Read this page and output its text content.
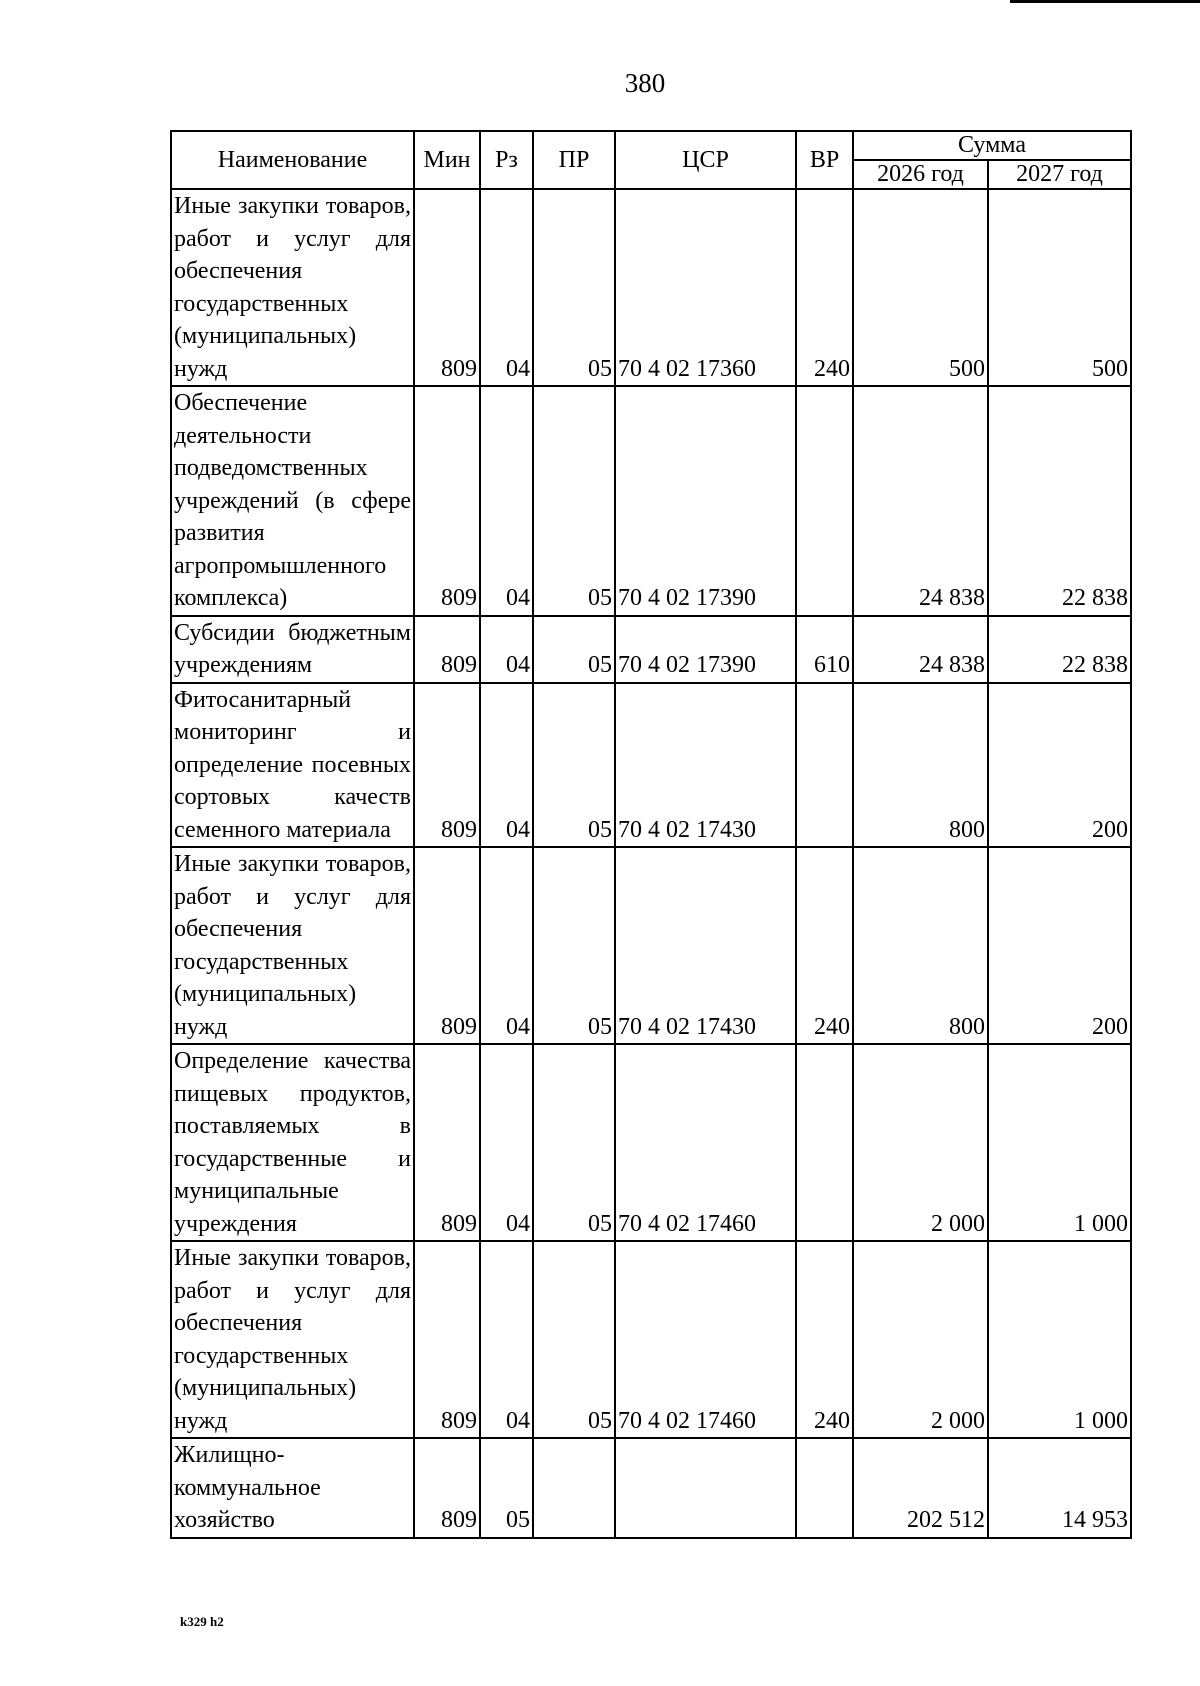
380
Наименование	Мин	Рз	ПР	ЦСР	ВР	Сумма	
						2026 год	2027 год
Иные закупки товаров, работ и услуг для обеспечения государственных (муниципальных) нужд	809	04	05	70 4 02 17360	240	500	500
Обеспечение деятельности подведомственных учреждений (в сфере развития агропромышленного комплекса)	809	04	05	70 4 02 17390		24 838	22 838
Субсидии бюджетным учреждениям	809	04	05	70 4 02 17390	610	24 838	22 838
Фитосанитарный мониторинг и определение посевных сортовых качеств семенного материала	809	04	05	70 4 02 17430		800	200
Иные закупки товаров, работ и услуг для обеспечения государственных (муниципальных) нужд	809	04	05	70 4 02 17430	240	800	200
Определение качества пищевых продуктов, поставляемых в государственные и муниципальные учреждения	809	04	05	70 4 02 17460		2 000	1 000
Иные закупки товаров, работ и услуг для обеспечения государственных (муниципальных) нужд	809	04	05	70 4 02 17460	240	2 000	1 000
Жилищно-коммунальное хозяйство	809	05				202 512	14 953
k329 h2
